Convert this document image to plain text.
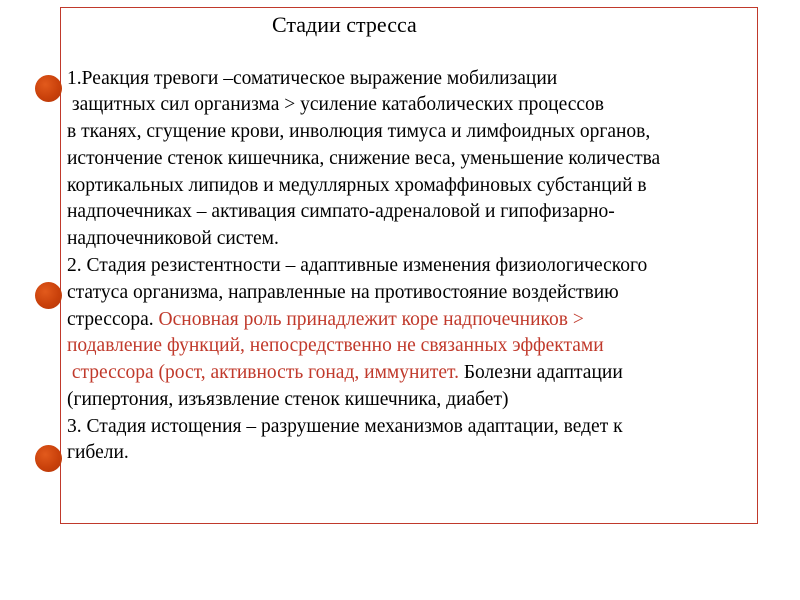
Стадии стресса
1.Реакция тревоги –соматическое выражение мобилизации
защитных сил организма > усиление катаболических процессов
в тканях, сгущение крови, инволюция тимуса и лимфоидных органов,
истончение стенок кишечника, снижение веса, уменьшение количества
кортикальных липидов и медуллярных хромаффиновых субстанций в
надпочечниках – активация симпато-адреналовой и гипофизарно-
надпочечниковой систем.
2. Стадия резистентности – адаптивные изменения физиологического
статуса организма, направленные на противостояние воздействию
стрессора. Основная роль принадлежит коре надпочечников >
подавление функций, непосредственно не связанных эффектами
стрессора (рост, активность гонад, иммунитет. Болезни адаптации
(гипертония, изъязвление стенок кишечника, диабет)
3. Стадия истощения – разрушение механизмов адаптации, ведет к
гибели.
